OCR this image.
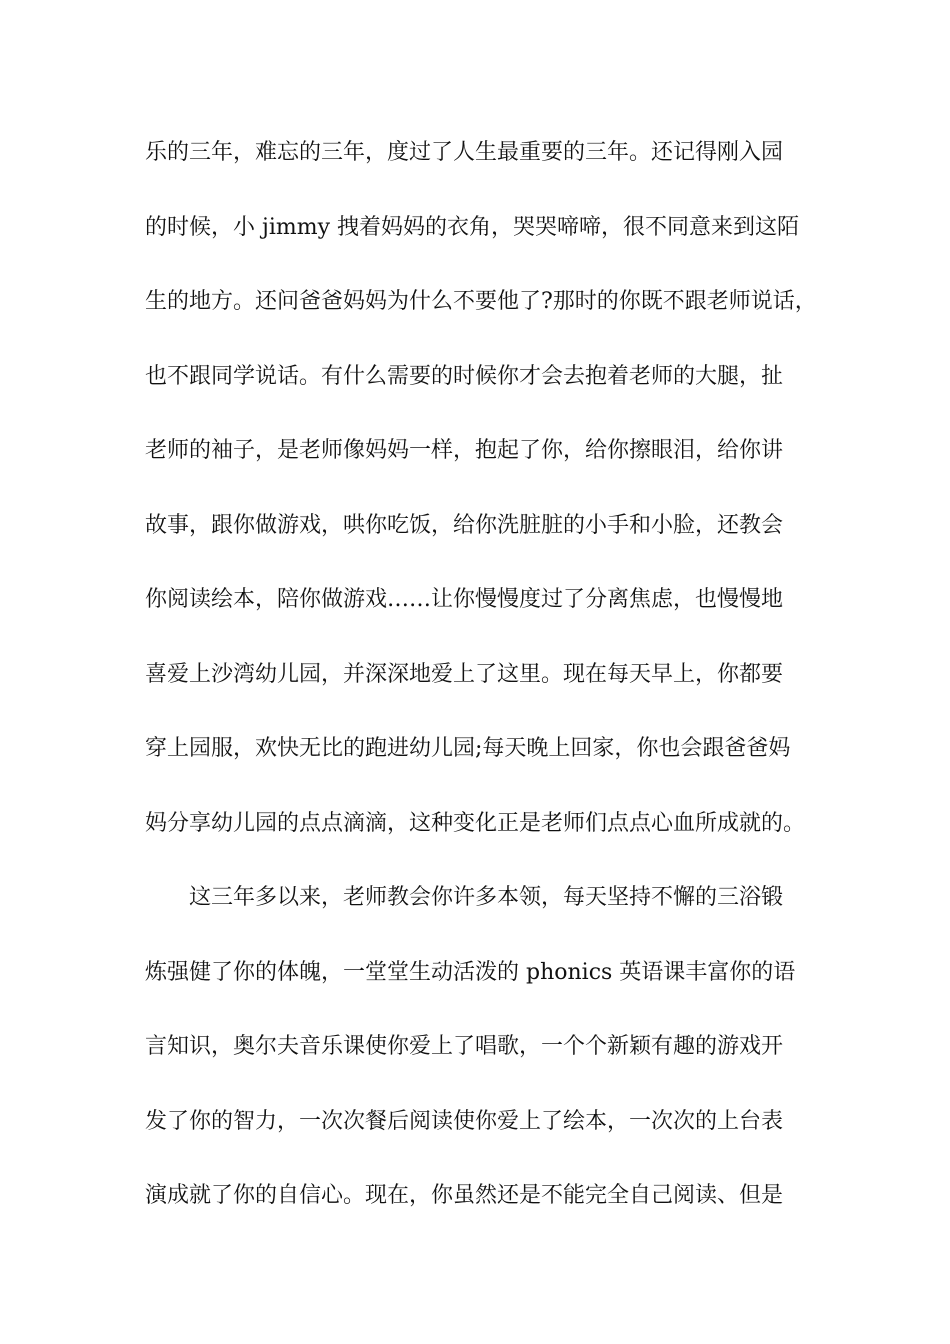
乐的三年，难忘的三年，度过了人生最重要的三年。还记得刚入园
的时候，小 jimmy 拽着妈妈的衣角，哭哭啼啼，很不同意来到这陌
生的地方。还问爸爸妈妈为什么不要他了?那时的你既不跟老师说话，
也不跟同学说话。有什么需要的时候你才会去抱着老师的大腿，扯
老师的袖子，是老师像妈妈一样，抱起了你，给你擦眼泪，给你讲
故事，跟你做游戏，哄你吃饭，给你洗脏脏的小手和小脸，还教会
你阅读绘本，陪你做游戏……让你慢慢度过了分离焦虑，也慢慢地
喜爱上沙湾幼儿园，并深深地爱上了这里。现在每天早上，你都要
穿上园服，欢快无比的跑进幼儿园;每天晚上回家，你也会跟爸爸妈
妈分享幼儿园的点点滴滴，这种变化正是老师们点点心血所成就的。
这三年多以来，老师教会你许多本领，每天坚持不懈的三浴锻
炼强健了你的体魄，一堂堂生动活泼的 phonics 英语课丰富你的语
言知识，奥尔夫音乐课使你爱上了唱歌，一个个新颖有趣的游戏开
发了你的智力，一次次餐后阅读使你爱上了绘本，一次次的上台表
演成就了你的自信心。现在，你虽然还是不能完全自己阅读、但是
